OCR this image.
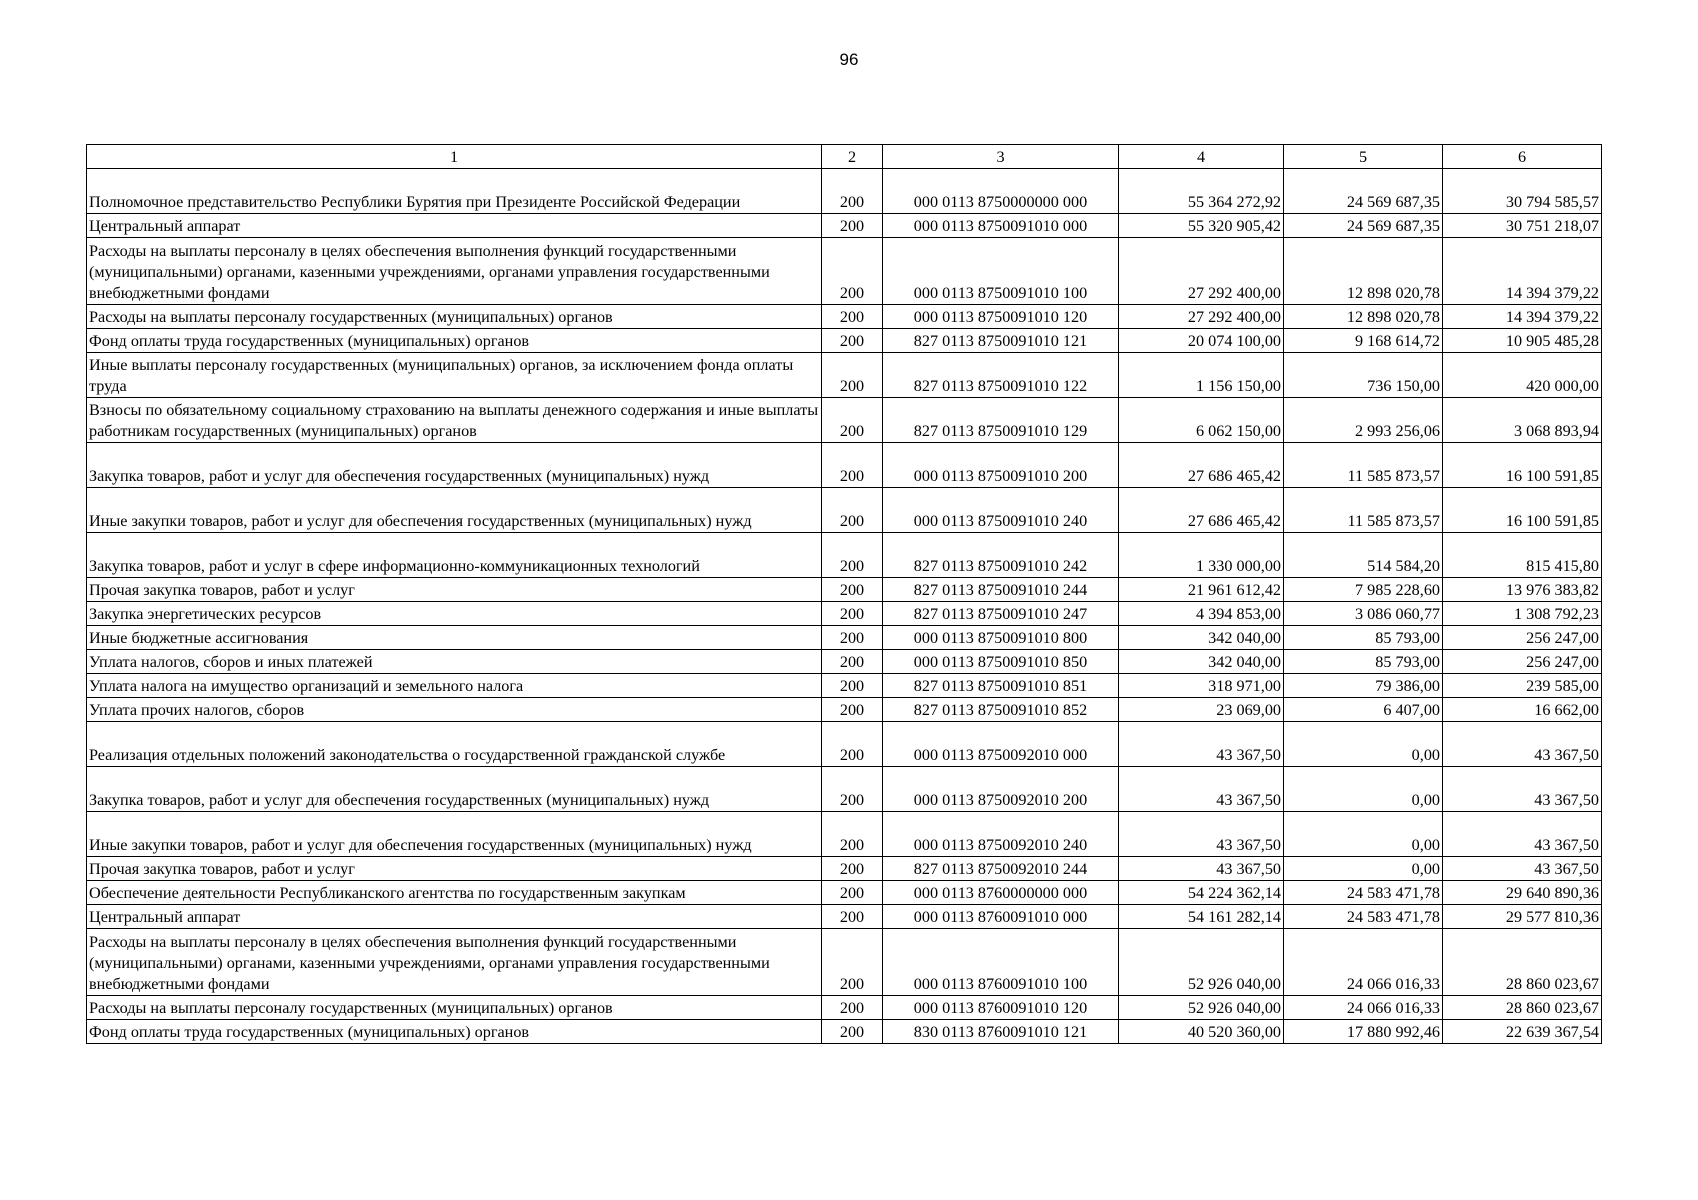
96
1	2	3	4	5	6
Полномочное представительство Республики Бурятия при Президенте Российской Федерации	200	000 0113 8750000000 000	55 364 272,92	24 569 687,35	30 794 585,57
Центральный аппарат	200	000 0113 8750091010 000	55 320 905,42	24 569 687,35	30 751 218,07
Расходы на выплаты персоналу в целях обеспечения выполнения функций государственными (муниципальными) органами, казенными учреждениями, органами управления государственными внебюджетными фондами	200	000 0113 8750091010 100	27 292 400,00	12 898 020,78	14 394 379,22
Расходы на выплаты персоналу государственных (муниципальных) органов	200	000 0113 8750091010 120	27 292 400,00	12 898 020,78	14 394 379,22
Фонд оплаты труда государственных (муниципальных) органов	200	827 0113 8750091010 121	20 074 100,00	9 168 614,72	10 905 485,28
Иные выплаты персоналу государственных (муниципальных) органов, за исключением фонда оплаты труда	200	827 0113 8750091010 122	1 156 150,00	736 150,00	420 000,00
Взносы по обязательному социальному страхованию на выплаты денежного содержания и иные выплаты работникам государственных (муниципальных) органов	200	827 0113 8750091010 129	6 062 150,00	2 993 256,06	3 068 893,94
Закупка товаров, работ и услуг для обеспечения государственных (муниципальных) нужд	200	000 0113 8750091010 200	27 686 465,42	11 585 873,57	16 100 591,85
Иные закупки товаров, работ и услуг для обеспечения государственных (муниципальных) нужд	200	000 0113 8750091010 240	27 686 465,42	11 585 873,57	16 100 591,85
Закупка товаров, работ и услуг в сфере информационно-коммуникационных технологий	200	827 0113 8750091010 242	1 330 000,00	514 584,20	815 415,80
Прочая закупка товаров, работ и услуг	200	827 0113 8750091010 244	21 961 612,42	7 985 228,60	13 976 383,82
Закупка энергетических ресурсов	200	827 0113 8750091010 247	4 394 853,00	3 086 060,77	1 308 792,23
Иные бюджетные ассигнования	200	000 0113 8750091010 800	342 040,00	85 793,00	256 247,00
Уплата налогов, сборов и иных платежей	200	000 0113 8750091010 850	342 040,00	85 793,00	256 247,00
Уплата налога на имущество организаций и земельного налога	200	827 0113 8750091010 851	318 971,00	79 386,00	239 585,00
Уплата прочих налогов, сборов	200	827 0113 8750091010 852	23 069,00	6 407,00	16 662,00
Реализация отдельных положений законодательства о государственной гражданской службе	200	000 0113 8750092010 000	43 367,50	0,00	43 367,50
Закупка товаров, работ и услуг для обеспечения государственных (муниципальных) нужд	200	000 0113 8750092010 200	43 367,50	0,00	43 367,50
Иные закупки товаров, работ и услуг для обеспечения государственных (муниципальных) нужд	200	000 0113 8750092010 240	43 367,50	0,00	43 367,50
Прочая закупка товаров, работ и услуг	200	827 0113 8750092010 244	43 367,50	0,00	43 367,50
Обеспечение деятельности Республиканского агентства по государственным закупкам	200	000 0113 8760000000 000	54 224 362,14	24 583 471,78	29 640 890,36
Центральный аппарат	200	000 0113 8760091010 000	54 161 282,14	24 583 471,78	29 577 810,36
Расходы на выплаты персоналу в целях обеспечения выполнения функций государственными (муниципальными) органами, казенными учреждениями, органами управления государственными внебюджетными фондами	200	000 0113 8760091010 100	52 926 040,00	24 066 016,33	28 860 023,67
Расходы на выплаты персоналу государственных (муниципальных) органов	200	000 0113 8760091010 120	52 926 040,00	24 066 016,33	28 860 023,67
Фонд оплаты труда государственных (муниципальных) органов	200	830 0113 8760091010 121	40 520 360,00	17 880 992,46	22 639 367,54
